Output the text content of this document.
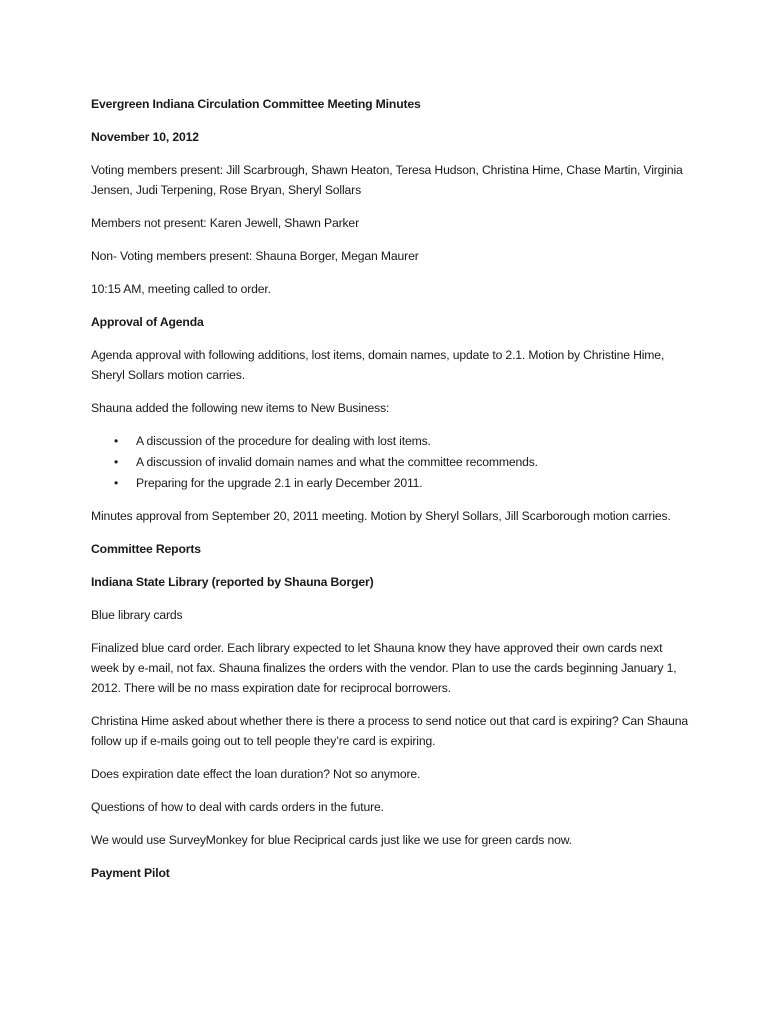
Evergreen Indiana Circulation Committee Meeting Minutes

November 10, 2012

Voting members present: Jill Scarbrough, Shawn Heaton, Teresa Hudson, Christina Hime, Chase Martin, Virginia Jensen, Judi Terpening, Rose Bryan, Sheryl Sollars

Members not present: Karen Jewell, Shawn Parker

Non- Voting members present: Shauna Borger, Megan Maurer

10:15 AM, meeting called to order.

Approval of Agenda

Agenda approval with following additions, lost items, domain names, update to 2.1. Motion by Christine Hime, Sheryl Sollars motion carries.

Shauna added the following new items to New Business:

• A discussion of the procedure for dealing with lost items.
• A discussion of invalid domain names and what the committee recommends.
• Preparing for the upgrade 2.1 in early December 2011.

Minutes approval from September 20, 2011 meeting. Motion by Sheryl Sollars, Jill Scarborough motion carries.

Committee Reports

Indiana State Library (reported by Shauna Borger)

Blue library cards

Finalized blue card order. Each library expected to let Shauna know they have approved their own cards next week by e-mail, not fax. Shauna finalizes the orders with the vendor. Plan to use the cards beginning January 1, 2012. There will be no mass expiration date for reciprocal borrowers.

Christina Hime asked about whether there is there a process to send notice out that card is expiring? Can Shauna follow up if e-mails going out to tell people they’re card is expiring.

Does expiration date effect the loan duration? Not so anymore.

Questions of how to deal with cards orders in the future.

We would use SurveyMonkey for blue Reciprical cards just like we use for green cards now.

Payment Pilot
